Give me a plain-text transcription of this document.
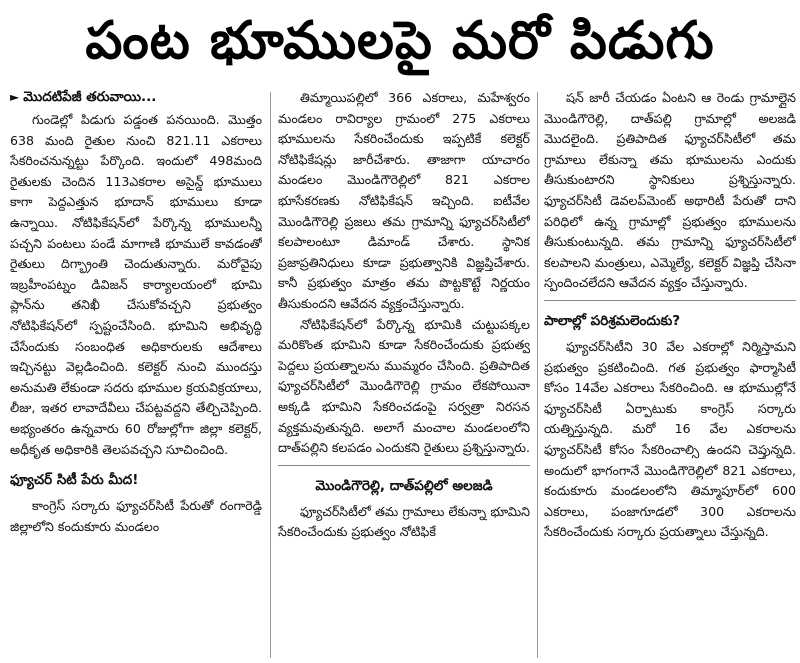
పంట భూములపై మరో పిడుగు
► మొదటిపేజీ తరువాయి...

గుండెల్లో పిడుగు పడ్డంత పనయింది. మొత్తం 638 మంది రైతుల నుంచి 821.11 ఎకరాలు సేకరించనున్నట్టు పేర్కొంది. ఇందులో 498మంది రైతులకు చెందిన 113ఎకరాల అసైన్డ్ భూములు కాగా పెద్దఎత్తున భూదాన్ భూములు కూడా ఉన్నాయి. నోటిఫికేషన్‌లో పేర్కొన్న భూములన్నీ పచ్చని పంటలు పండే మాగాణి భూములే కావడంతో రైతులు దిగ్భ్రాంతి చెందుతున్నారు. మరోవైపు ఇబ్రహీంపట్నం డివిజన్ కార్యాలయంలో భూమి ప్లాన్‌ను తనిఖీ చేసుకోవచ్చని ప్రభుత్వం నోటిఫికేషన్‌లో స్పష్టంచేసింది. భూమిని అభివృద్ధి చేసేందుకు సంబంధిత అధికారులకు ఆదేశాలు ఇచ్చినట్టు వెల్లడించింది. కలెక్టర్ నుంచి ముందస్తు అనుమతి లేకుండా సదరు భూముల క్రయవిక్రయాలు, లీజు, ఇతర లావాదేవీలు చేపట్టవద్దని తేల్చిచెప్పింది. అభ్యంతరం ఉన్నవారు 60 రోజుల్లోగా జిల్లా కలెక్టర్, అధీకృత అధికారికి తెలపవచ్చని సూచించింది.

ఫ్యూచర్ సిటీ పేరు మీద!

కాంగ్రెస్ సర్కారు ఫ్యూచర్‌సిటీ పేరుతో రంగారెడ్డి జిల్లాలోని కందుకూరు మండలం

తిమ్మాయిపల్లిలో 366 ఎకరాలు, మహేశ్వరం మండలం రావిర్యాల గ్రామంలో 275 ఎకరాలు భూములను సేకరించేందుకు ఇప్పటికే కలెక్టర్ నోటిఫికేషన్లు జారీచేశారు. తాజాగా యాచారం మండలం మొండిగౌరెల్లిలో 821 ఎకరాల భూసేకరణకు నోటిఫికేషన్ ఇచ్చింది. ఐటీవేల మొండిగౌరెల్లి ప్రజలు తమ గ్రామాన్ని ఫ్యూచర్‌సిటీలో కలపాలంటూ డిమాండ్ చేశారు. స్థానిక ప్రజాప్రతినిధులు కూడా ప్రభుత్వానికి విజ్ఞప్తిచేశారు. కానీ ప్రభుత్వం మాత్రం తమ పొట్టకొట్టే నిర్ణయం తీసుకుందని ఆవేదన వ్యక్తంచేస్తున్నారు.

నోటిఫికేషన్‌లో పేర్కొన్న భూమికి చుట్టుపక్కల మరికొంత భూమిని కూడా సేకరించేందుకు ప్రభుత్వ పెద్దలు ప్రయత్నాలను ముమ్మరం చేసింది. ప్రతిపాదిత ఫ్యూచర్‌సిటీలో మొండిగౌరెల్లి గ్రామం లేకపోయినా అక్కడి భూమిని సేకరించడంపై సర్వత్రా నిరసన వ్యక్తమవుతున్నది. అలాగే మంచాల మండలంలోని దాత్‌పల్లిని కలపడం ఎందుకని రైతులు ప్రశ్నిస్తున్నారు.

మొండిగౌరెల్లి, దాత్‌పల్లిలో అలజడి

ఫ్యూచర్‌సిటీలో తమ గ్రామాలు లేకున్నా భూమిని సేకరించేందుకు ప్రభుత్వం నోటిఫికే

షన్ జారీ చేయడం ఏంటని ఆ రెండు గ్రామాల్లైన మొండిగౌరెల్లి, దాత్‌పల్లి గ్రామాల్లో అలజడి మొదలైంది. ప్రతిపాదిత ఫ్యూచర్‌సిటీలో తమ గ్రామాలు లేకున్నా తమ భూములను ఎందుకు తీసుకుంటారని స్థానికులు ప్రశ్నిస్తున్నారు. ఫ్యూచర్‌సిటీ డెవలప్‌మెంట్ అథారిటీ పేరుతో దాని పరిధిలో ఉన్న గ్రామాల్లో ప్రభుత్వం భూములను తీసుకుంటున్నది. తమ గ్రామాన్ని ఫ్యూచర్‌సిటీలో కలపాలని మంత్రులు, ఎమ్మెల్యే, కలెక్టర్ విజ్ఞప్తి చేసినా స్పందించలేదని ఆవేదన వ్యక్తం చేస్తున్నారు.

పాలాల్లో పరిశ్రమలెందుకు?

ఫ్యూచర్‌సిటీని 30 వేల ఎకరాల్లో నిర్మిస్తామని ప్రభుత్వం ప్రకటించింది. గత ప్రభుత్వం ఫార్మాసిటీ కోసం 14వేల ఎకరాలు సేకరించింది. ఆ భూముల్లోనే ఫ్యూచర్‌సిటీ ఏర్పాటుకు కాంగ్రెస్ సర్కారు యత్నిస్తున్నది. మరో 16 వేల ఎకరాలను ఫ్యూచర్‌సిటీ కోసం సేకరించాల్సి ఉందని చెప్తున్నది. అందులో భాగంగానే మొండిగౌరెల్లిలో 821 ఎకరాలు, కందుకూరు మండలంలోని తిమ్మాపూర్‌లో 600 ఎకరాలు, పంజాగూడలో 300 ఎకరాలను సేకరించేందుకు సర్కారు ప్రయత్నాలు చేస్తున్నది.
